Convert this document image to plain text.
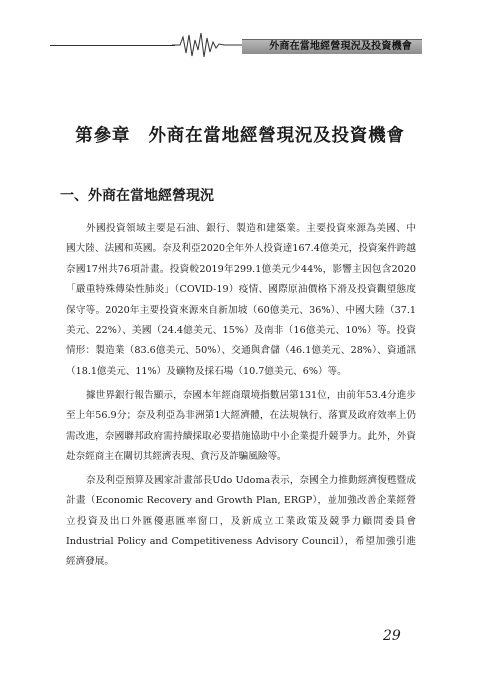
外商在當地經營現況及投資機會
第參章　外商在當地經營現況及投資機會
一、外商在當地經營現況
外國投資領域主要是石油、銀行、製造和建築業。主要投資來源為美國、中
國大陸、法國和英國。奈及利亞2020全年外人投資達167.4億美元，投資案件跨越
奈國17州共76項計畫。投資較2019年299.1億美元少44%，影響主因包含2020
「嚴重特殊傳染性肺炎」（COVID-19）疫情、國際原油價格下滑及投資觀望態度
保守等。2020年主要投資來源來自新加坡（60億美元、36%）、中國大陸（37.1
美元、22%）、美國（24.4億美元、15%）及南非（16億美元、10%）等。投資
情形：製造業（83.6億美元、50%）、交通與倉儲（46.1億美元、28%）、資通訊
（18.1億美元、11%）及礦物及採石場（10.7億美元、6%）等。
據世界銀行報告顯示，奈國本年經商環境指數居第131位，由前年53.4分進步
至上年56.9分；奈及利亞為非洲第1大經濟體，在法規執行、落實及政府效率上仍
需改進，奈國聯邦政府需持續採取必要措施協助中小企業提升競爭力。此外，外資
赴奈經商主在關切其經濟表現、貪污及詐騙風險等。
奈及利亞預算及國家計畫部長Udo Udoma表示，奈國全力推動經濟復甦暨成
計畫（Economic Recovery and Growth Plan, ERGP），並加強改善企業經營
立投資及出口外匯優惠匯率窗口，及新成立工業政策及競爭力顧問委員會
Industrial Policy and Competitiveness Advisory Council），希望加強引進
經濟發展。
29
